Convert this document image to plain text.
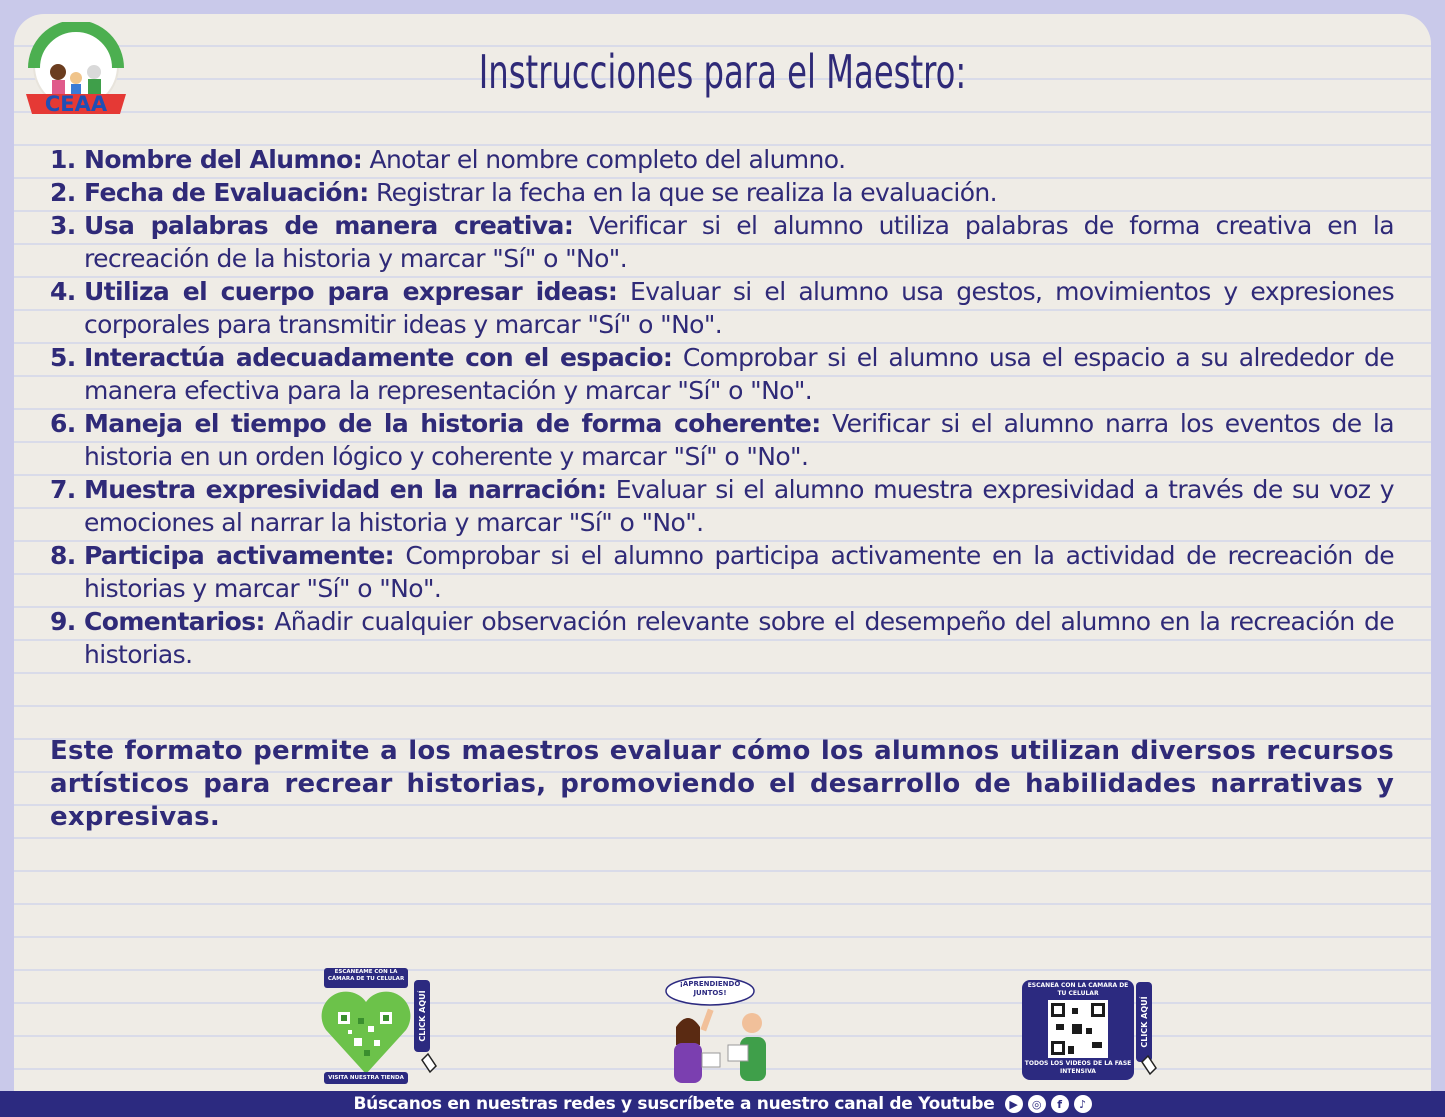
CEAA
Instrucciones para el Maestro:
1. Nombre del Alumno: Anotar el nombre completo del alumno.
2. Fecha de Evaluación: Registrar la fecha en la que se realiza la evaluación.
3. Usa palabras de manera creativa: Verificar si el alumno utiliza palabras de forma creativa en la recreación de la historia y marcar "Sí" o "No".
4. Utiliza el cuerpo para expresar ideas: Evaluar si el alumno usa gestos, movimientos y expresiones corporales para transmitir ideas y marcar "Sí" o "No".
5. Interactúa adecuadamente con el espacio: Comprobar si el alumno usa el espacio a su alrededor de manera efectiva para la representación y marcar "Sí" o "No".
6. Maneja el tiempo de la historia de forma coherente: Verificar si el alumno narra los eventos de la historia en un orden lógico y coherente y marcar "Sí" o "No".
7. Muestra expresividad en la narración: Evaluar si el alumno muestra expresividad a través de su voz y emociones al narrar la historia y marcar "Sí" o "No".
8. Participa activamente: Comprobar si el alumno participa activamente en la actividad de recreación de historias y marcar "Sí" o "No".
9. Comentarios: Añadir cualquier observación relevante sobre el desempeño del alumno en la recreación de historias.

Este formato permite a los maestros evaluar cómo los alumnos utilizan diversos recursos artísticos para recrear historias, promoviendo el desarrollo de habilidades narrativas y expresivas.

ESCANÉAME CON LA CÁMARA DE TU CELULAR
VISITA NUESTRA TIENDA
CLICK AQUÍ
¡APRENDIENDO JUNTOS!
ESCANEA CON LA CÁMARA DE TU CELULAR
TODOS LOS VIDEOS DE LA FASE INTENSIVA
CLICK AQUÍ
Búscanos en nuestras redes y suscríbete a nuestro canal de Youtube	▶	◎	f	♪
